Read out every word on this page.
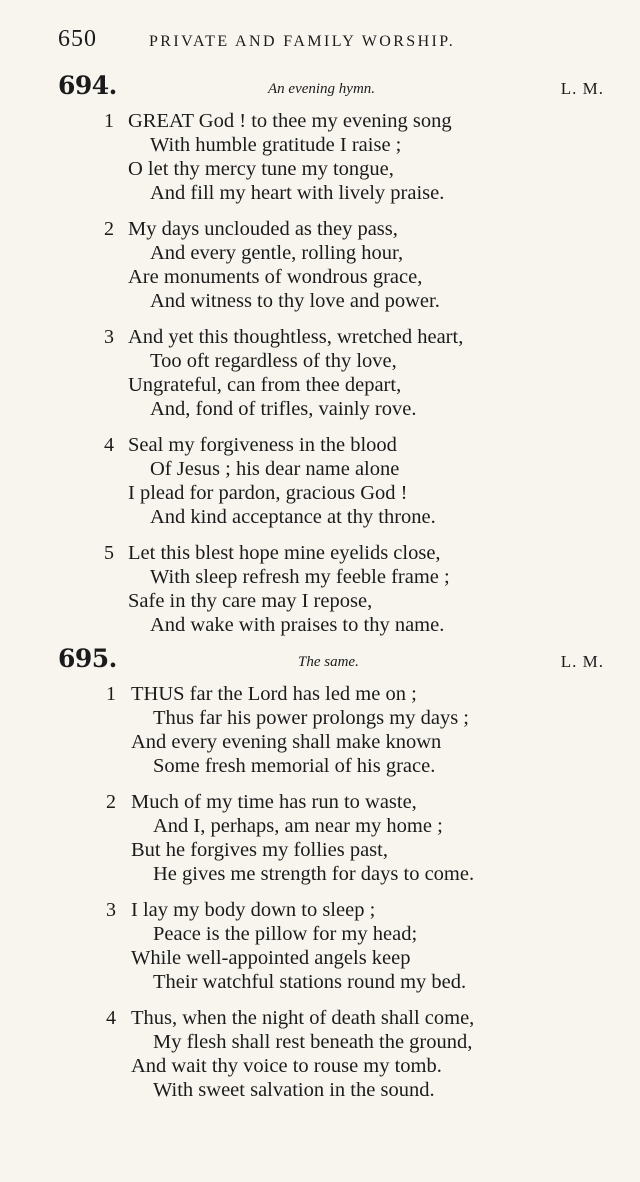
650	PRIVATE AND FAMILY WORSHIP.
694.	An evening hymn.	L. M.
1 GREAT God ! to thee my evening song
With humble gratitude I raise ;
O let thy mercy tune my tongue,
And fill my heart with lively praise.
2 My days unclouded as they pass,
And every gentle, rolling hour,
Are monuments of wondrous grace,
And witness to thy love and power.
3 And yet this thoughtless, wretched heart,
Too oft regardless of thy love,
Ungrateful, can from thee depart,
And, fond of trifles, vainly rove.
4 Seal my forgiveness in the blood
Of Jesus ; his dear name alone
I plead for pardon, gracious God !
And kind acceptance at thy throne.
5 Let this blest hope mine eyelids close,
With sleep refresh my feeble frame ;
Safe in thy care may I repose,
And wake with praises to thy name.
695.	The same.	L. M.
1 THUS far the Lord has led me on ;
Thus far his power prolongs my days ;
And every evening shall make known
Some fresh memorial of his grace.
2 Much of my time has run to waste,
And I, perhaps, am near my home ;
But he forgives my follies past,
He gives me strength for days to come.
3 I lay my body down to sleep ;
Peace is the pillow for my head;
While well-appointed angels keep
Their watchful stations round my bed.
4 Thus, when the night of death shall come,
My flesh shall rest beneath the ground,
And wait thy voice to rouse my tomb.
With sweet salvation in the sound.
